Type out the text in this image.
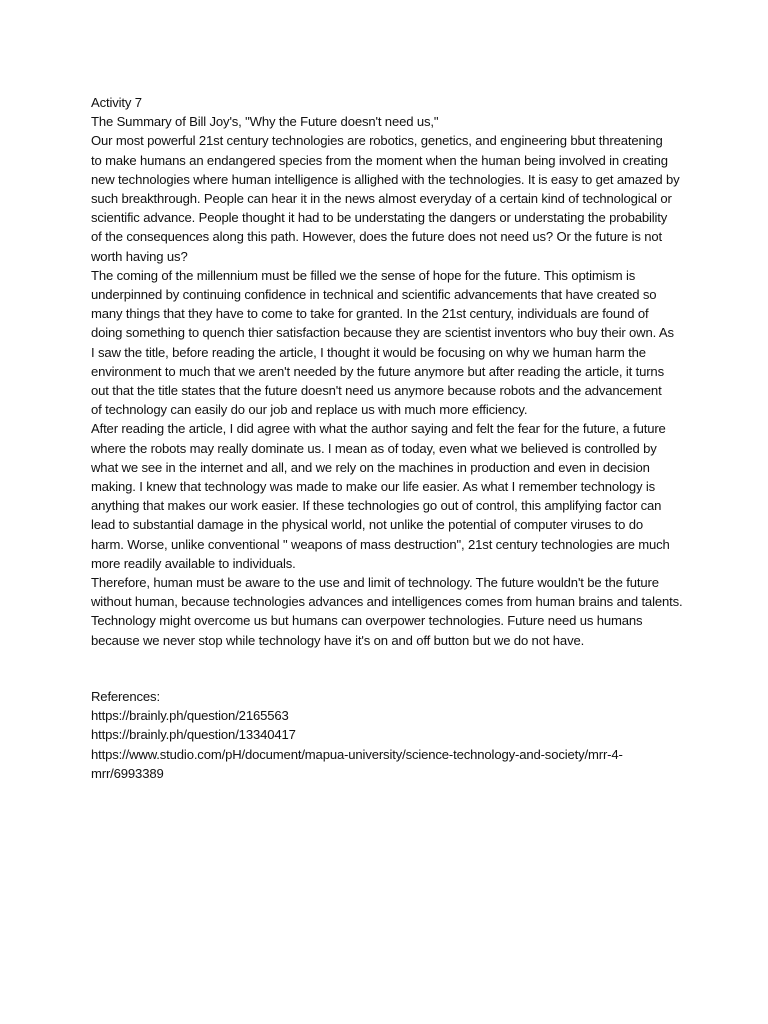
Activity 7

The Summary of Bill Joy's, "Why the Future doesn't need us,"

Our most powerful 21st century technologies are robotics, genetics, and engineering bbut threatening
to make humans an endangered species from the moment when the human being involved in creating
new technologies where human intelligence is allighed with the technologies. It is easy to get amazed by
such breakthrough. People can hear it in the news almost everyday of a certain kind of technological or
scientific advance. People thought it had to be understating the dangers or understating the probability
of the consequences along this path. However, does the future does not need us? Or the future is not
worth having us?

The coming of the millennium must be filled we the sense of hope for the future. This optimism is
underpinned by continuing confidence in technical and scientific advancements that have created so
many things that they have to come to take for granted. In the 21st century, individuals are found of
doing something to quench thier satisfaction because they are scientist inventors who buy their own. As
I saw the title, before reading the article, I thought it would be focusing on why we human harm the
environment to much that we aren't needed by the future anymore but after reading the article, it turns
out that the title states that the future doesn't need us anymore because robots and the advancement
of technology can easily do our job and replace us with much more efficiency.

After reading the article, I did agree with what the author saying and felt the fear for the future, a future
where the robots may really dominate us. I mean as of today, even what we believed is controlled by
what we see in the internet and all, and we rely on the machines in production and even in decision
making. I knew that technology was made to make our life easier. As what I remember technology is
anything that makes our work easier. If these technologies go out of control, this amplifying factor can
lead to substantial damage in the physical world, not unlike the potential of computer viruses to do
harm. Worse, unlike conventional " weapons of mass destruction", 21st century technologies are much
more readily available to individuals.

Therefore, human must be aware to the use and limit of technology. The future wouldn't be the future
without human, because technologies advances and intelligences comes from human brains and talents.
Technology might overcome us but humans can overpower technologies. Future need us humans
because we never stop while technology have it's on and off button but we do not have.

References:

https://brainly.ph/question/2165563

https://brainly.ph/question/13340417

https://www.studio.com/pH/document/mapua-university/science-technology-and-society/mrr-4-
mrr/6993389
